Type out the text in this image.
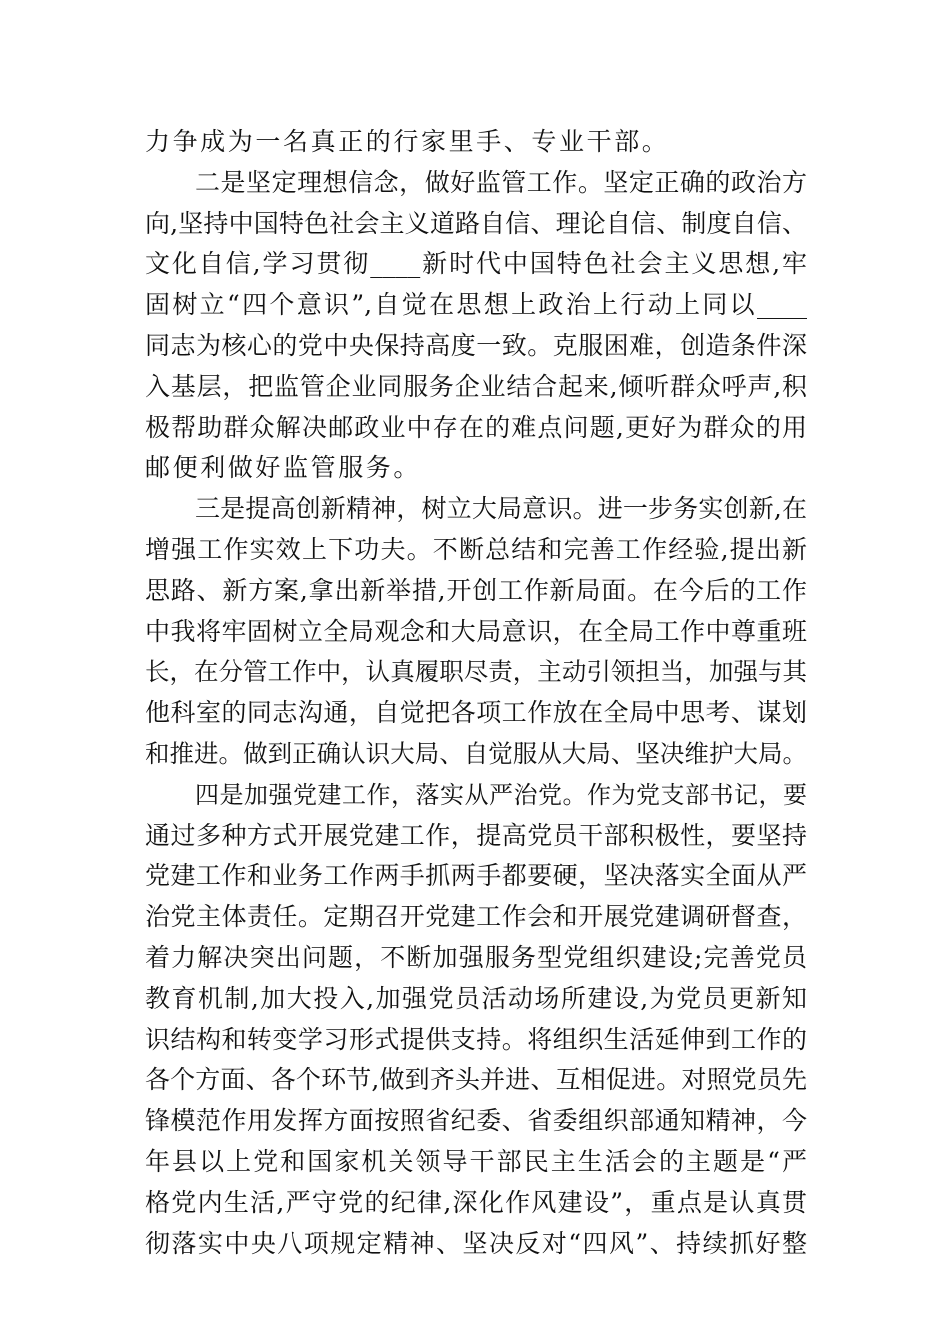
力争成为一名真正的行家里手、专业干部。
二是坚定理想信念，做好监管工作。坚定正确的政治方
向,坚持中国特色社会主义道路自信、理论自信、制度自信、
文化自信,学习贯彻____新时代中国特色社会主义思想,牢
固树立“四个意识”,自觉在思想上政治上行动上同以____
同志为核心的党中央保持高度一致。克服困难，创造条件深
入基层，把监管企业同服务企业结合起来,倾听群众呼声,积
极帮助群众解决邮政业中存在的难点问题,更好为群众的用
邮便利做好监管服务。
三是提高创新精神，树立大局意识。进一步务实创新,在
增强工作实效上下功夫。不断总结和完善工作经验,提出新
思路、新方案,拿出新举措,开创工作新局面。在今后的工作
中我将牢固树立全局观念和大局意识，在全局工作中尊重班
长，在分管工作中，认真履职尽责，主动引领担当，加强与其
他科室的同志沟通，自觉把各项工作放在全局中思考、谋划
和推进。做到正确认识大局、自觉服从大局、坚决维护大局。
四是加强党建工作，落实从严治党。作为党支部书记，要
通过多种方式开展党建工作，提高党员干部积极性，要坚持
党建工作和业务工作两手抓两手都要硬，坚决落实全面从严
治党主体责任。定期召开党建工作会和开展党建调研督查，
着力解决突出问题，不断加强服务型党组织建设;完善党员
教育机制,加大投入,加强党员活动场所建设,为党员更新知
识结构和转变学习形式提供支持。将组织生活延伸到工作的
各个方面、各个环节,做到齐头并进、互相促进。对照党员先
锋模范作用发挥方面按照省纪委、省委组织部通知精神，今
年县以上党和国家机关领导干部民主生活会的主题是“严
格党内生活,严守党的纪律,深化作风建设”，重点是认真贯
彻落实中央八项规定精神、坚决反对“四风”、持续抓好整
